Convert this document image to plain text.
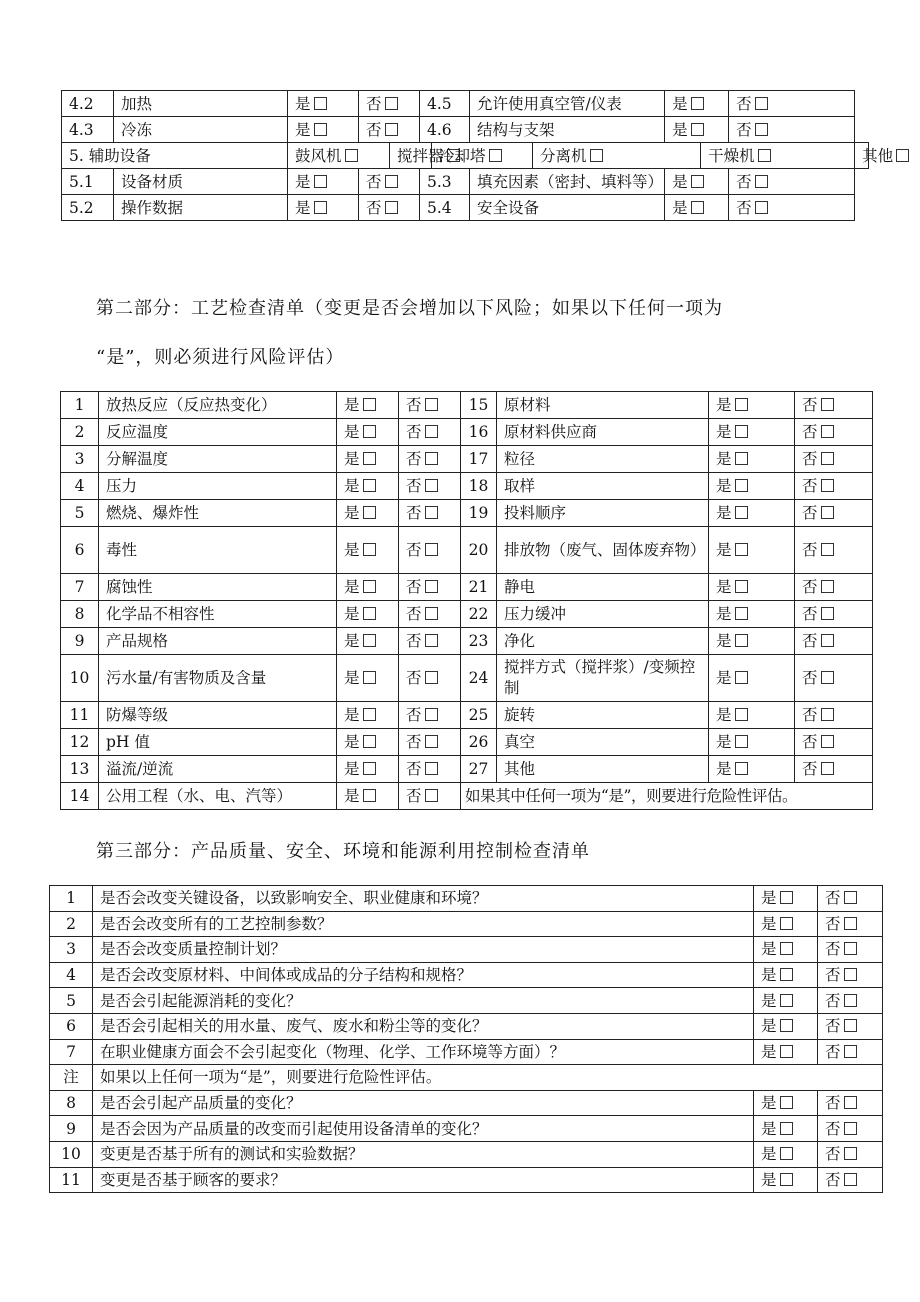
4.2	加热	是	否		4.5		允许使用真空管/仪表		是		否	
4.3	冷冻	是	否		4.6		结构与支架		是		否	
5. 辅助设备		鼓风机		搅拌器		冷却塔		分离机		干燥机		其他
5.1	设备材质	是	否		5.3		填充因素（密封、填料等）		是		否	
5.2	操作数据	是	否		5.4		安全设备		是		否	
第二部分：工艺检查清单（变更是否会增加以下风险；如果以下任何一项为
“是”，则必须进行风险评估）
1	放热反应（反应热变化）	是	否	15	原材料	是	否
2	反应温度	是	否	16	原材料供应商	是	否
3	分解温度	是	否	17	粒径	是	否
4	压力	是	否	18	取样	是	否
5	燃烧、爆炸性	是	否	19	投料顺序	是	否
6	毒性	是	否	20	排放物（废气、固体废弃物）	是	否
7	腐蚀性	是	否	21	静电	是	否
8	化学品不相容性	是	否	22	压力缓冲	是	否
9	产品规格	是	否	23	净化	是	否
10	污水量/有害物质及含量	是	否	24	搅拌方式（搅拌浆）/变频控制	是	否
11	防爆等级	是	否	25	旋转	是	否
12	pH 值	是	否	26	真空	是	否
13	溢流/逆流	是	否	27	其他	是	否
14	公用工程（水、电、汽等）	是	否	如果其中任何一项为“是”，则要进行危险性评估。			
第三部分：产品质量、安全、环境和能源利用控制检查清单
1	是否会改变关键设备，以致影响安全、职业健康和环境？	是	否
2	是否会改变所有的工艺控制参数？	是	否
3	是否会改变质量控制计划？	是	否
4	是否会改变原材料、中间体或成品的分子结构和规格？	是	否
5	是否会引起能源消耗的变化？	是	否
6	是否会引起相关的用水量、废气、废水和粉尘等的变化？	是	否
7	在职业健康方面会不会引起变化（物理、化学、工作环境等方面）？	是	否
注	如果以上任何一项为“是”，则要进行危险性评估。		
8	是否会引起产品质量的变化？	是	否
9	是否会因为产品质量的改变而引起使用设备清单的变化？	是	否
10	变更是否基于所有的测试和实验数据？	是	否
11	变更是否基于顾客的要求？	是	否
